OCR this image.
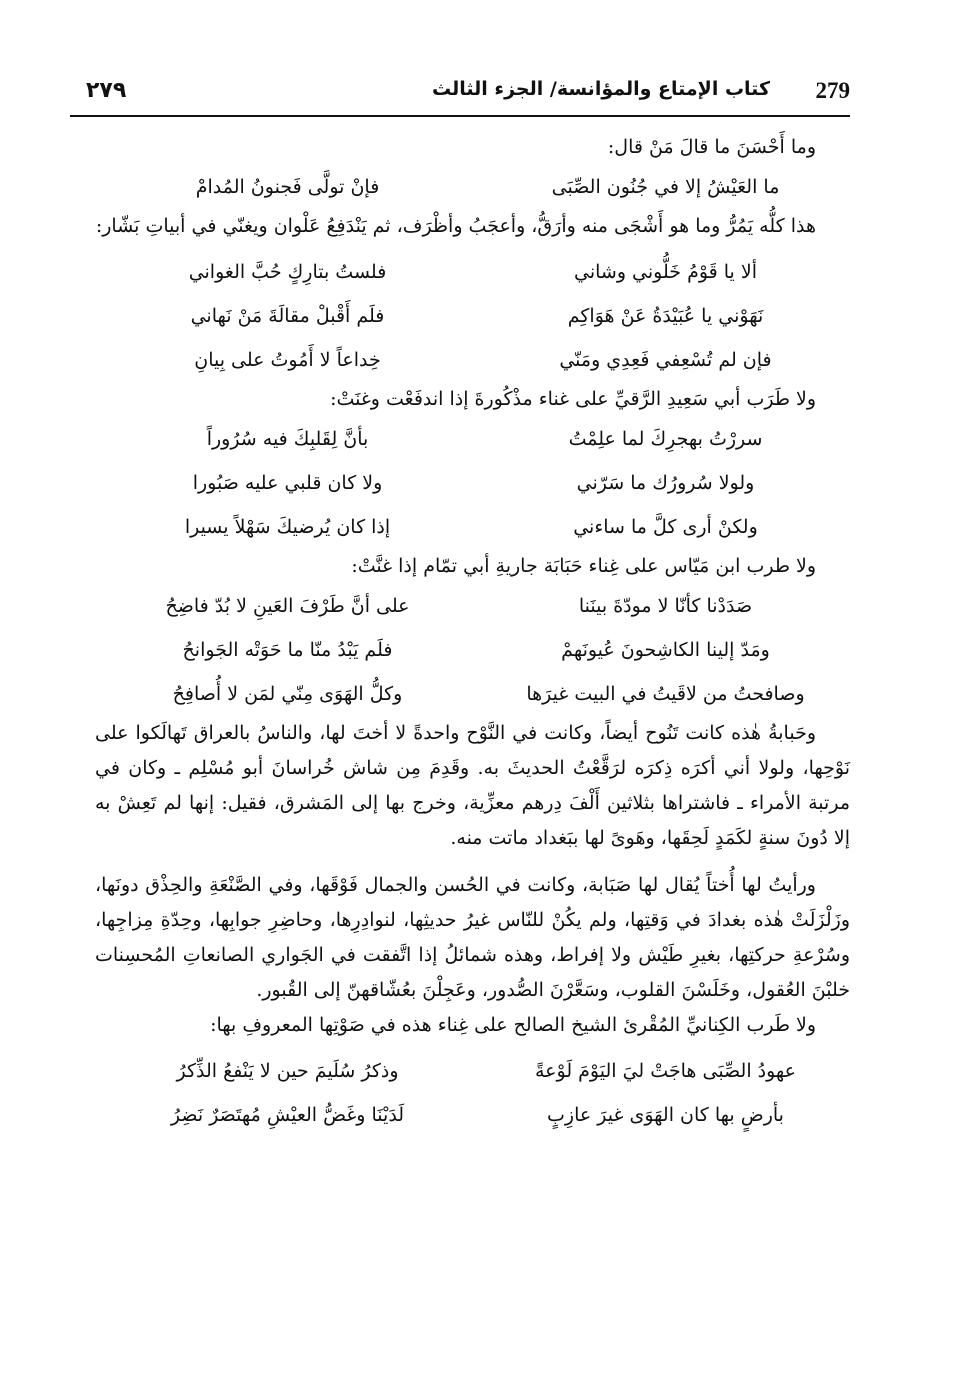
279
كتاب الإمتاع والمؤانسة/ الجزء الثالث
٢٧٩

وما أَحْسَنَ ما قالَ مَنْ قال:

ما العَيْشُ إلا في جُنُون الصِّبَى
فإنْ تولَّى فَجنونُ المُدامْ

هذا كلُّه يَمُرُّ وما هو أَشْجَى منه وأرَقُّ، وأعجَبُ وأظْرَف، ثم يَنْدَفِعُ عَلْوان ويغنّي في أبياتِ بَشّار:

ألا يا قَوْمُ خَلُّوني وشاني
فلستُ بتارِكٍ حُبَّ الغواني
نَهَوْني يا عُبَيْدَةُ عَنْ هَوَاكِم
فلَم أَقْبلْ مقالَةَ مَنْ نَهاني
فإن لم تُسْعِفي فَعِدِي ومَنّي
خِداعاً لا أَمُوتُ على بِيانِ

ولا طَرَب أبي سَعِيدِ الرَّقيِّ على غناء مذْكُورةَ إذا اندفَعْت وغنَتْ:

سررْتُ بهجرِكَ لما علِمْتُ
بأنَّ لِقَلبِكَ فيه سُرُوراً
ولولا سُرورُك ما سَرّني
ولا كان قلبي عليه صَبُورا
ولكنْ أرى كلَّ ما ساءني
إذا كان يُرضيكَ سَهْلاً يسيرا

ولا طرب ابن مَيّاس على غِناء حَبَابَة جاريةِ أبي تمّام إذا غنَّتْ:

صَدَدْنا كأنّا لا مودّةَ بينَنا
على أنَّ طَرْفَ العَينِ لا بُدّ فاضِحُ
ومَدّ إلينا الكاشِحونَ عُيونَهمْ
فلَم يَبْدُ منّا ما حَوَتْه الجَوانحُ
وصافحتُ من لاقَيتُ في البيت غيرَها
وكلُّ الهَوَى مِنّي لمَن لا أُصافِحُ

وحَبابةُ هٰذه كانت تَنُوح أيضاً، وكانت في النَّوْح واحدةً لا أختَ لها، والناسُ بالعراق تَهالَكوا على نَوْحِها، ولولا أني أكرَه ذِكرَه لرَقَّعْتُ الحديثَ به. وقَدِمَ مِن شاش خُراسانَ أبو مُسْلِم ـ وكان في مرتبة الأمراء ـ فاشتراها بثلاثين أَلْفَ دِرهم معزِّية، وخرج بها إلى المَشرق، فقيل: إنها لم تَعِشْ به إلا دُونَ سنةٍ لكَمَدٍ لَحِقَها، وهَوىً لها ببَغداد ماتت منه.

ورأيتُ لها أُختاً يُقال لها صَبَابة، وكانت في الحُسن والجمال فَوْقَها، وفي الصَّنْعَةِ والحِذْق دونَها، وزَلْزَلَتْ هٰذه بغدادَ في وَقتِها، ولم يكُنْ للنّاس غيرُ حديثِها، لنوادِرِها، وحاضِرِ جوابِها، وحِدّةِ مِزاجِها، وسُرْعةِ حركتِها، بغيرِ طَيْش ولا إفراط، وهذه شمائلُ إذا اتَّفقت في الجَواري الصانعاتِ المُحسِنات خلبْنَ العُقول، وخَلَسْنَ القلوب، وسَعَّرْنَ الصُّدور، وعَجِلْنَ بعُشّاقهنّ إلى القُبور.

ولا طَرب الكِنانيِّ المُقْرئ الشيخ الصالح على غِناء هذه في صَوْتِها المعروفِ بها:

عهودُ الصِّبَى هاجَتْ ليَ اليَوْمَ لَوْعةً
وذكرُ سُلَيمَ حين لا يَنْفعُ الذِّكرُ
بأرضٍ بها كان الهَوَى غيرَ عازِبٍ
لَدَيْنَا وغَضُّ العيْشِ مُهتَصَرٌ نَضِرُ
